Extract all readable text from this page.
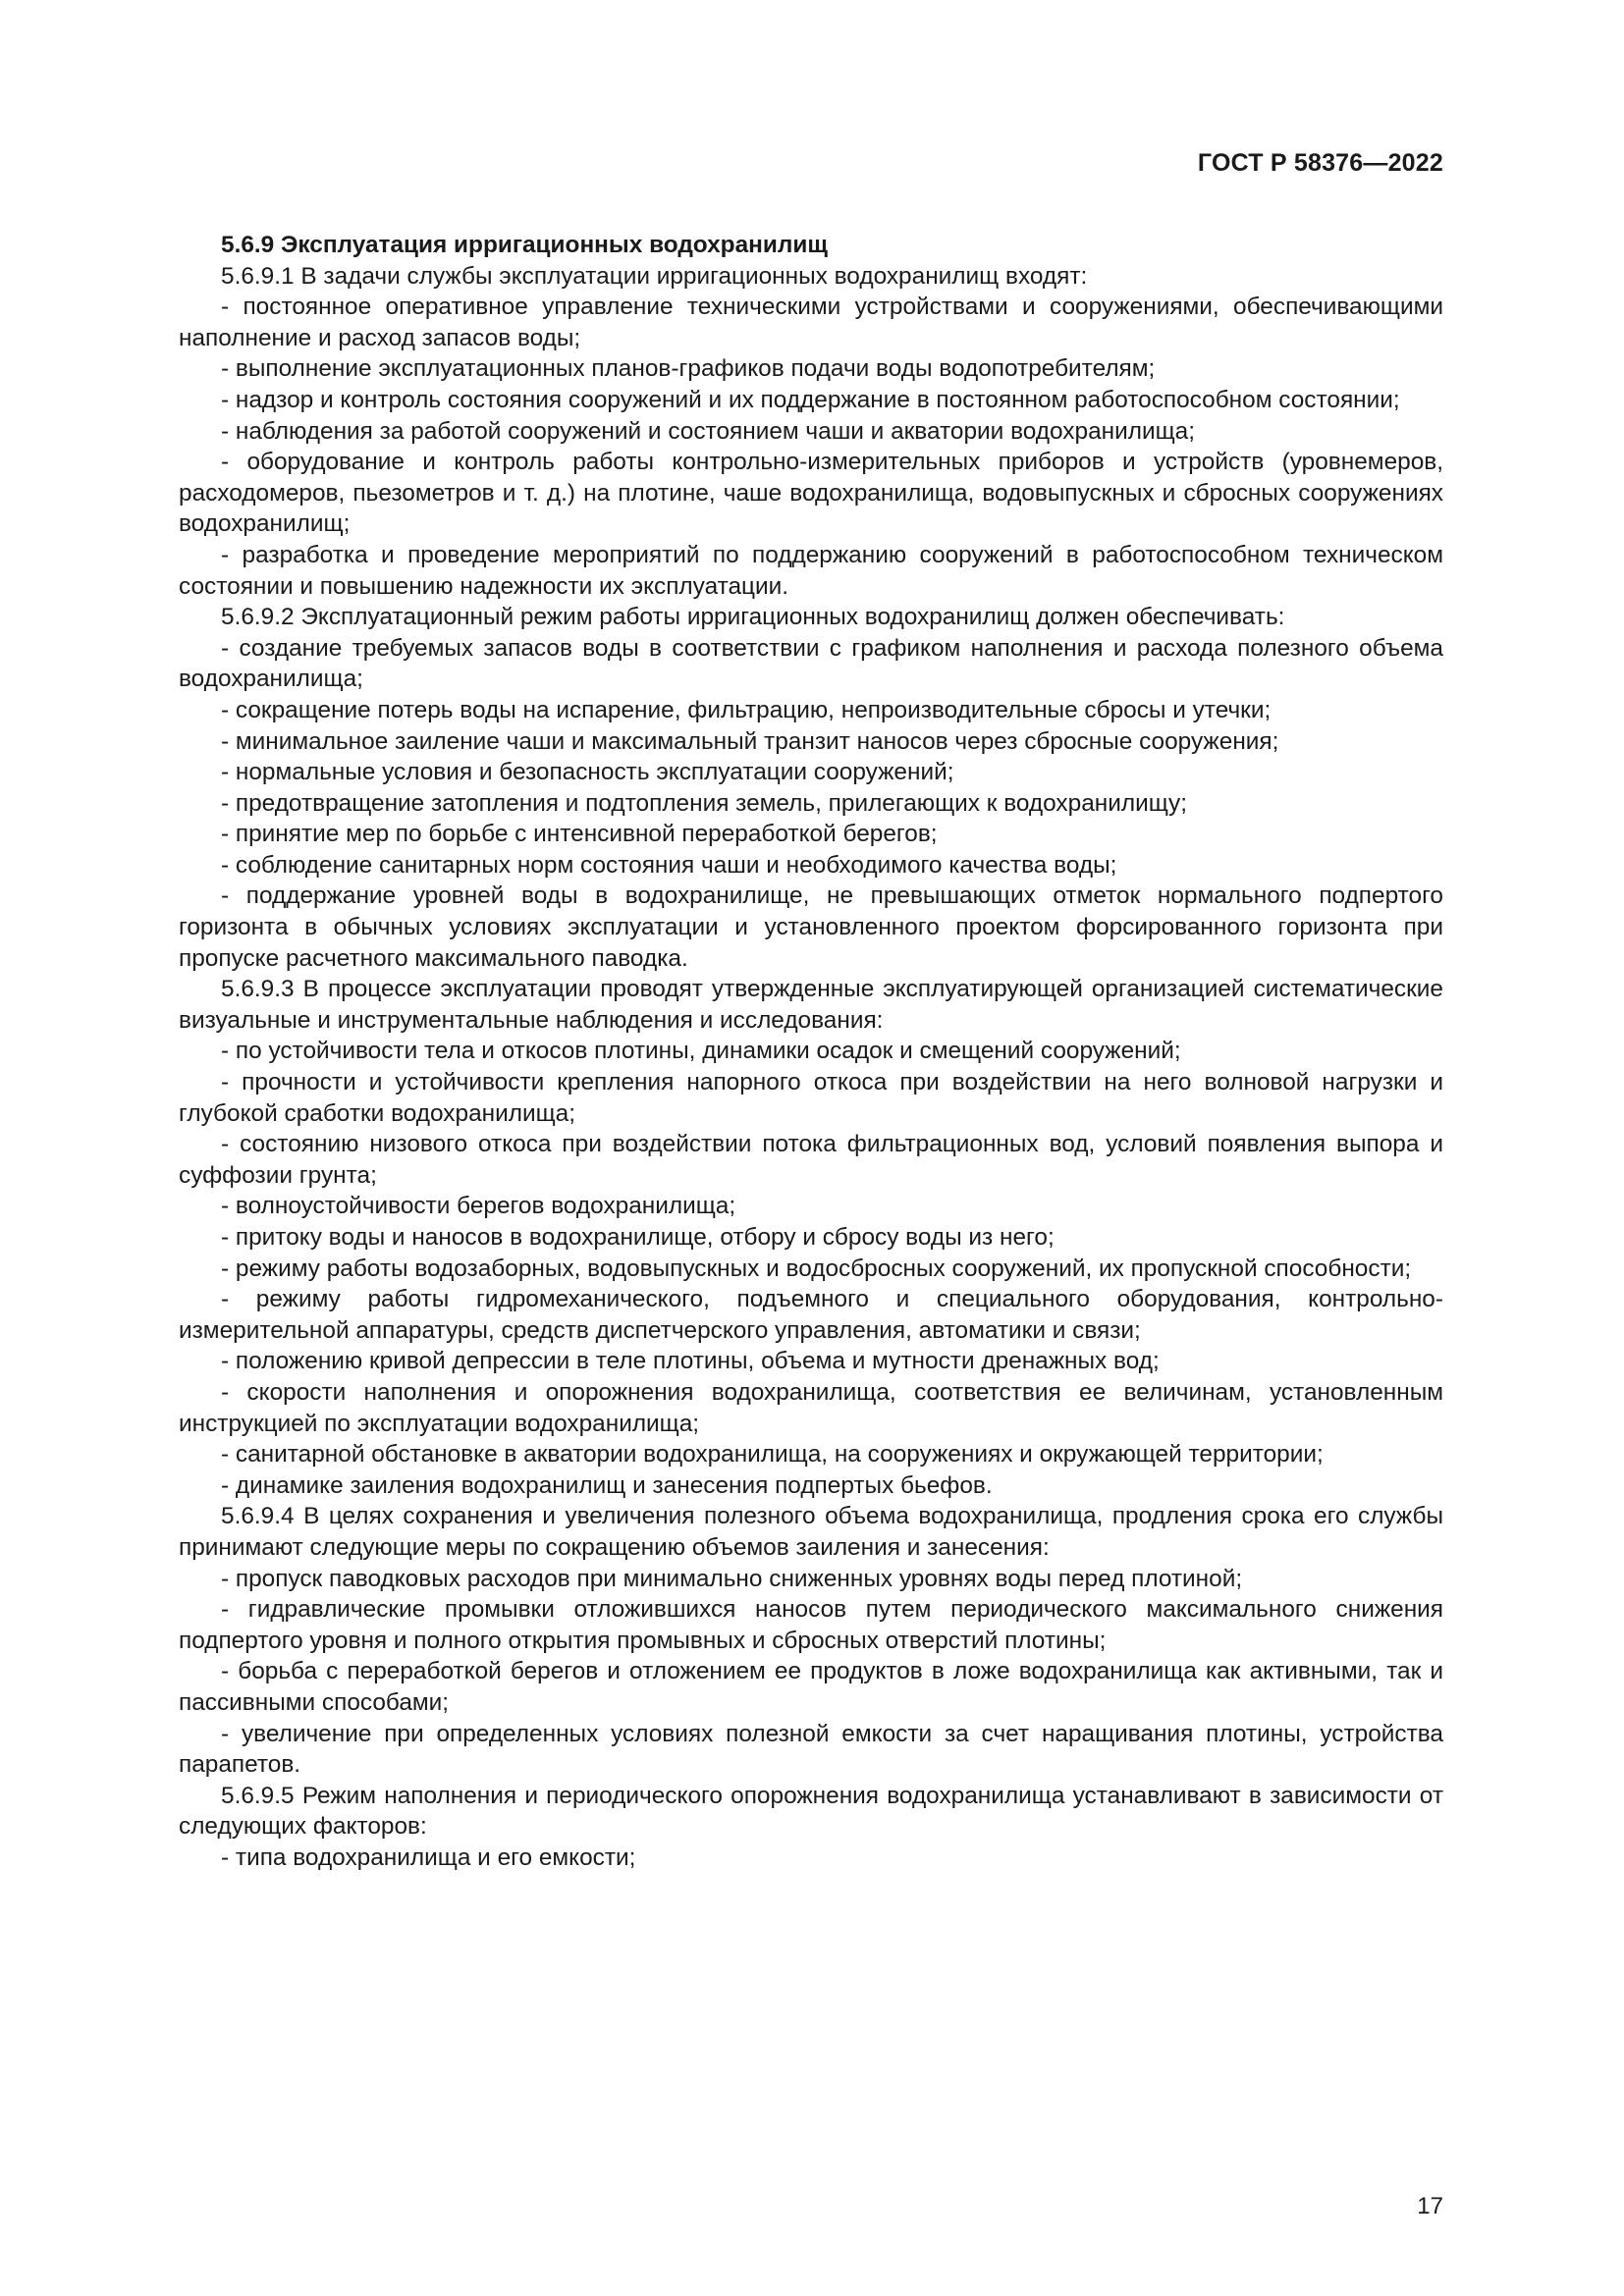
ГОСТ Р 58376—2022

5.6.9 Эксплуатация ирригационных водохранилищ

5.6.9.1 В задачи службы эксплуатации ирригационных водохранилищ входят:

- постоянное оперативное управление техническими устройствами и сооружениями, обеспечивающими наполнение и расход запасов воды;

- выполнение эксплуатационных планов-графиков подачи воды водопотребителям;

- надзор и контроль состояния сооружений и их поддержание в постоянном работоспособном состоянии;

- наблюдения за работой сооружений и состоянием чаши и акватории водохранилища;

- оборудование и контроль работы контрольно-измерительных приборов и устройств (уровнемеров, расходомеров, пьезометров и т. д.) на плотине, чаше водохранилища, водовыпускных и сбросных сооружениях водохранилищ;

- разработка и проведение мероприятий по поддержанию сооружений в работоспособном техническом состоянии и повышению надежности их эксплуатации.

5.6.9.2 Эксплуатационный режим работы ирригационных водохранилищ должен обеспечивать:

- создание требуемых запасов воды в соответствии с графиком наполнения и расхода полезного объема водохранилища;

- сокращение потерь воды на испарение, фильтрацию, непроизводительные сбросы и утечки;

- минимальное заиление чаши и максимальный транзит наносов через сбросные сооружения;

- нормальные условия и безопасность эксплуатации сооружений;

- предотвращение затопления и подтопления земель, прилегающих к водохранилищу;

- принятие мер по борьбе с интенсивной переработкой берегов;

- соблюдение санитарных норм состояния чаши и необходимого качества воды;

- поддержание уровней воды в водохранилище, не превышающих отметок нормального подпертого горизонта в обычных условиях эксплуатации и установленного проектом форсированного горизонта при пропуске расчетного максимального паводка.

5.6.9.3 В процессе эксплуатации проводят утвержденные эксплуатирующей организацией систематические визуальные и инструментальные наблюдения и исследования:

- по устойчивости тела и откосов плотины, динамики осадок и смещений сооружений;

- прочности и устойчивости крепления напорного откоса при воздействии на него волновой нагрузки и глубокой сработки водохранилища;

- состоянию низового откоса при воздействии потока фильтрационных вод, условий появления выпора и суффозии грунта;

- волноустойчивости берегов водохранилища;

- притоку воды и наносов в водохранилище, отбору и сбросу воды из него;

- режиму работы водозаборных, водовыпускных и водосбросных сооружений, их пропускной способности;

- режиму работы гидромеханического, подъемного и специального оборудования, контрольно-измерительной аппаратуры, средств диспетчерского управления, автоматики и связи;

- положению кривой депрессии в теле плотины, объема и мутности дренажных вод;

- скорости наполнения и опорожнения водохранилища, соответствия ее величинам, установленным инструкцией по эксплуатации водохранилища;

- санитарной обстановке в акватории водохранилища, на сооружениях и окружающей территории;

- динамике заиления водохранилищ и занесения подпертых бьефов.

5.6.9.4 В целях сохранения и увеличения полезного объема водохранилища, продления срока его службы принимают следующие меры по сокращению объемов заиления и занесения:

- пропуск паводковых расходов при минимально сниженных уровнях воды перед плотиной;

- гидравлические промывки отложившихся наносов путем периодического максимального снижения подпертого уровня и полного открытия промывных и сбросных отверстий плотины;

- борьба с переработкой берегов и отложением ее продуктов в ложе водохранилища как активными, так и пассивными способами;

- увеличение при определенных условиях полезной емкости за счет наращивания плотины, устройства парапетов.

5.6.9.5 Режим наполнения и периодического опорожнения водохранилища устанавливают в зависимости от следующих факторов:

- типа водохранилища и его емкости;

17
